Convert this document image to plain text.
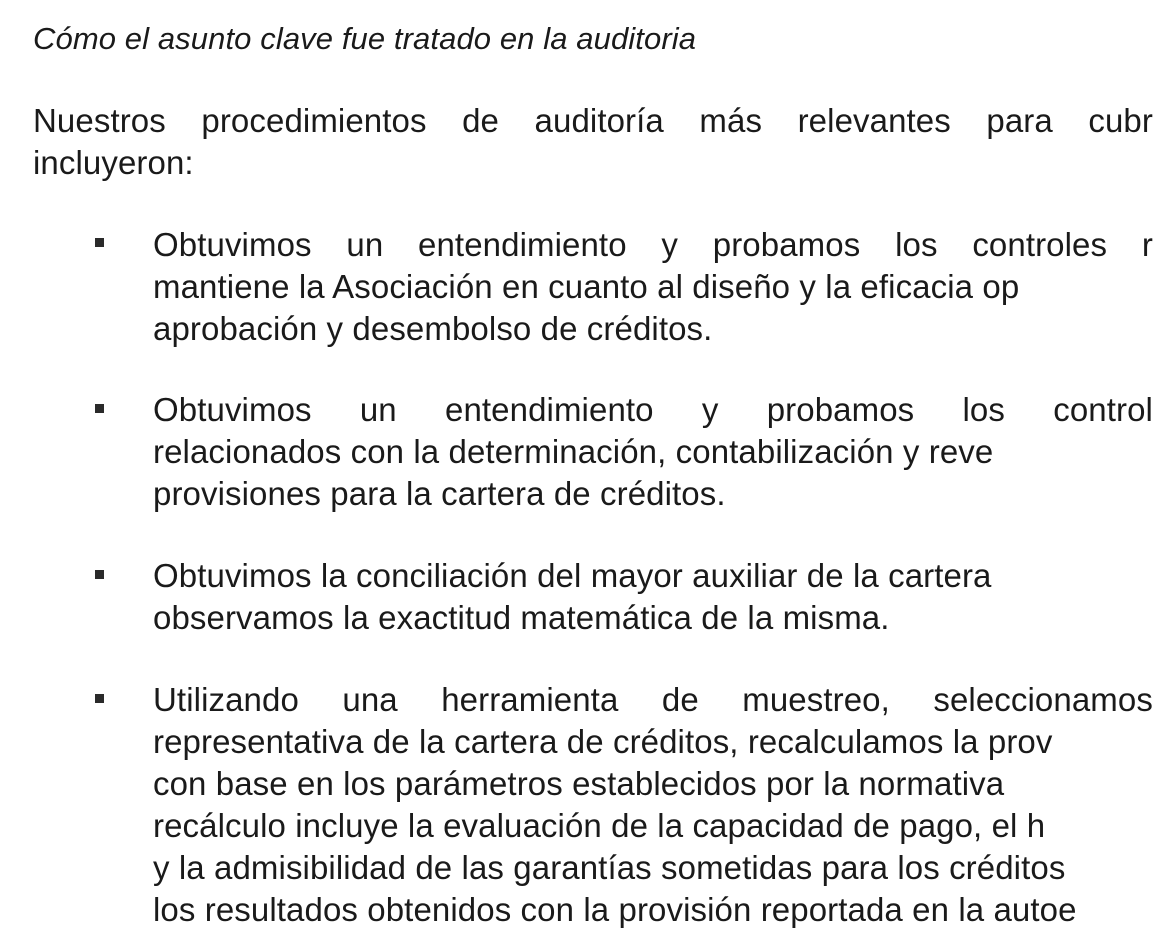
Cómo el asunto clave fue tratado en la auditoria
Nuestros procedimientos de auditoría más relevantes para cubr
incluyeron:
Obtuvimos un entendimiento y probamos los controles r
mantiene la Asociación en cuanto al diseño y la eficacia op
aprobación y desembolso de créditos.
Obtuvimos un entendimiento y probamos los control
relacionados con la determinación, contabilización y reve
provisiones para la cartera de créditos.
Obtuvimos la conciliación del mayor auxiliar de la cartera
observamos la exactitud matemática de la misma.
Utilizando una herramienta de muestreo, seleccionamos
representativa de la cartera de créditos, recalculamos la prov
con base en los parámetros establecidos por la normativa
recálculo incluye la evaluación de la capacidad de pago, el h
y la admisibilidad de las garantías sometidas para los créditos
los resultados obtenidos con la provisión reportada en la autoe
